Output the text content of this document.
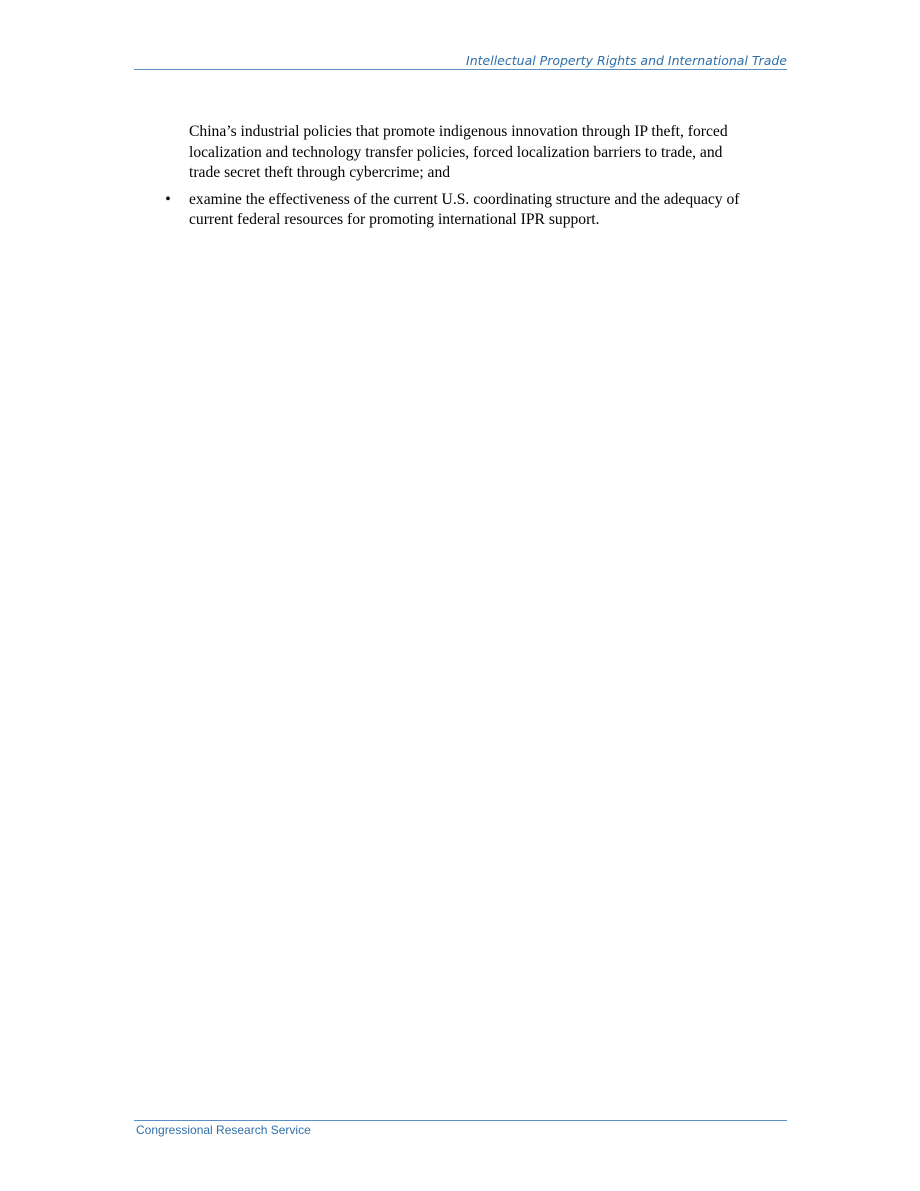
Intellectual Property Rights and International Trade

China’s industrial policies that promote indigenous innovation through IP theft, forced localization and technology transfer policies, forced localization barriers to trade, and trade secret theft through cybercrime; and

• examine the effectiveness of the current U.S. coordinating structure and the adequacy of current federal resources for promoting international IPR support.
Congressional Research Service
